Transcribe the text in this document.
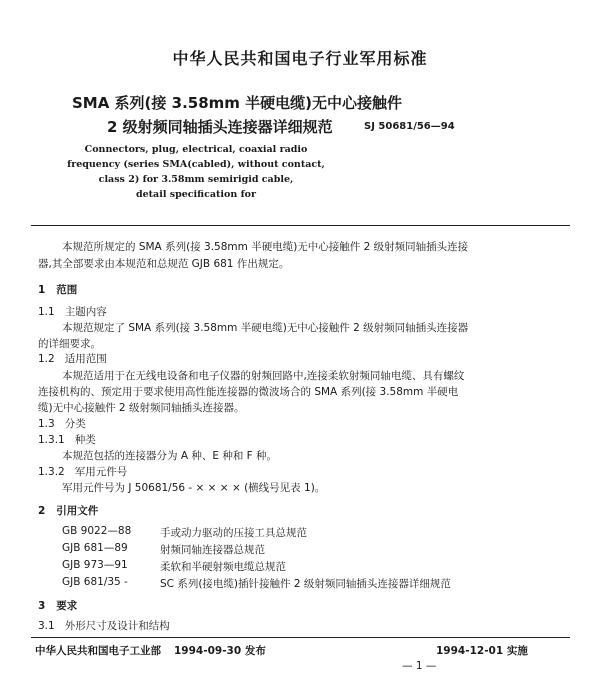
中华人民共和国电子行业军用标准
SMA 系列(接 3.58mm 半硬电缆)无中心接触件
2 级射频同轴插头连接器详细规范	SJ 50681/56—94
Connectors, plug, electrical, coaxial radio
frequency (series SMA(cabled), without contact,
class 2) for 3.58mm semirigid cable,
detail specification for
本规范所规定的 SMA 系列(接 3.58mm 半硬电缆)无中心接触件 2 级射频同轴插头连接
器,其全部要求由本规范和总规范 GJB 681 作出规定。
1 范围
1.1 主题内容
本规范规定了 SMA 系列(接 3.58mm 半硬电缆)无中心接触件 2 级射频同轴插头连接器
的详细要求。
1.2 适用范围
本规范适用于在无线电设备和电子仪器的射频回路中,连接柔软射频同轴电缆、具有螺纹
连接机构的、预定用于要求使用高性能连接器的微波场合的 SMA 系列(接 3.58mm 半硬电
缆)无中心接触件 2 级射频同轴插头连接器。
1.3 分类
1.3.1 种类
本规范包括的连接器分为 A 种、E 种和 F 种。
1.3.2 军用元件号
军用元件号为 J 50681/56 - × × × × (横线号见表 1)。
2 引用文件
GB 9022—88	手或动力驱动的压接工具总规范
GJB 681—89	射频同轴连接器总规范
GJB 973—91	柔软和半硬射频电缆总规范
GJB 681/35 -	SC 系列(接电缆)插针接触件 2 级射频同轴插头连接器详细规范
3 要求
3.1 外形尺寸及设计和结构
中华人民共和国电子工业部 1994-09-30 发布	1994-12-01 实施
— 1 —
